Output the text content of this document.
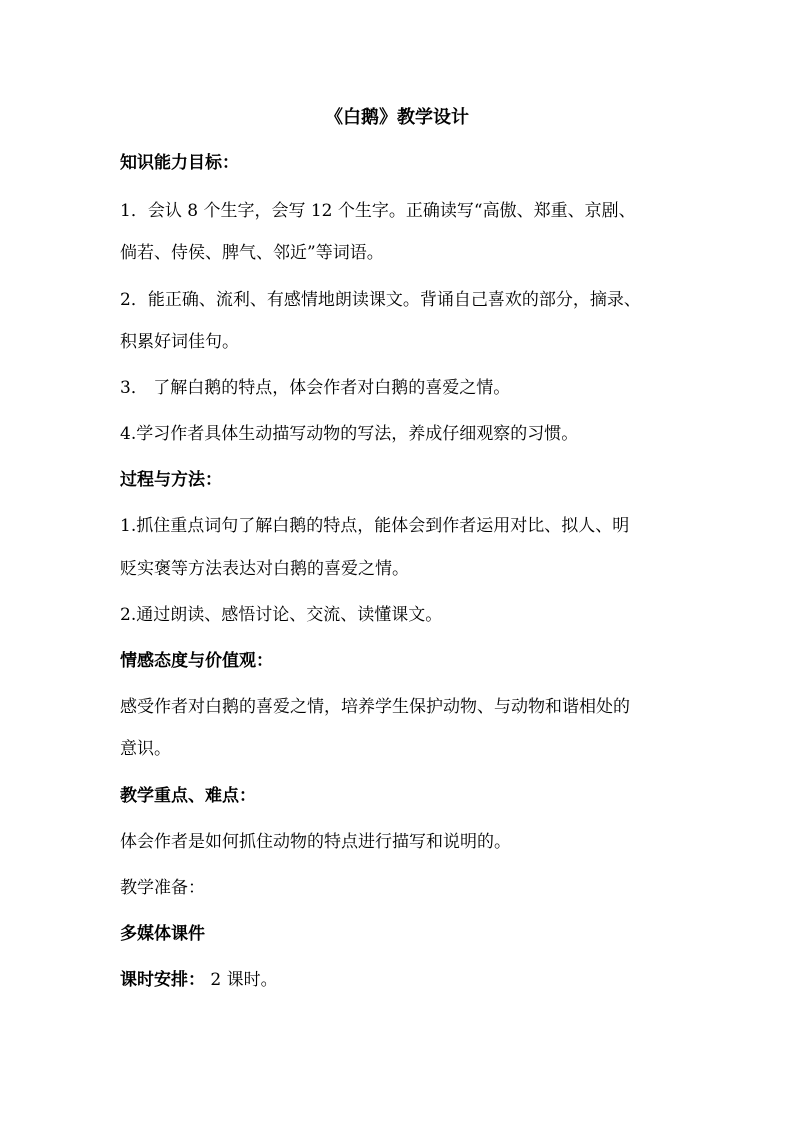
《白鹅》教学设计
知识能力目标：
1．会认 8 个生字，会写 12 个生字。正确读写“高傲、郑重、京剧、
倘若、侍侯、脾气、邻近”等词语。
2．能正确、流利、有感情地朗读课文。背诵自己喜欢的部分，摘录、
积累好词佳句。
3． 了解白鹅的特点，体会作者对白鹅的喜爱之情。
4.学习作者具体生动描写动物的写法，养成仔细观察的习惯。
过程与方法：
1.抓住重点词句了解白鹅的特点，能体会到作者运用对比、拟人、明
贬实褒等方法表达对白鹅的喜爱之情。
2.通过朗读、感悟讨论、交流、读懂课文。
情感态度与价值观：
感受作者对白鹅的喜爱之情，培养学生保护动物、与动物和谐相处的
意识。
教学重点、难点：
体会作者是如何抓住动物的特点进行描写和说明的。
教学准备：
多媒体课件
课时安排： 2 课时。
